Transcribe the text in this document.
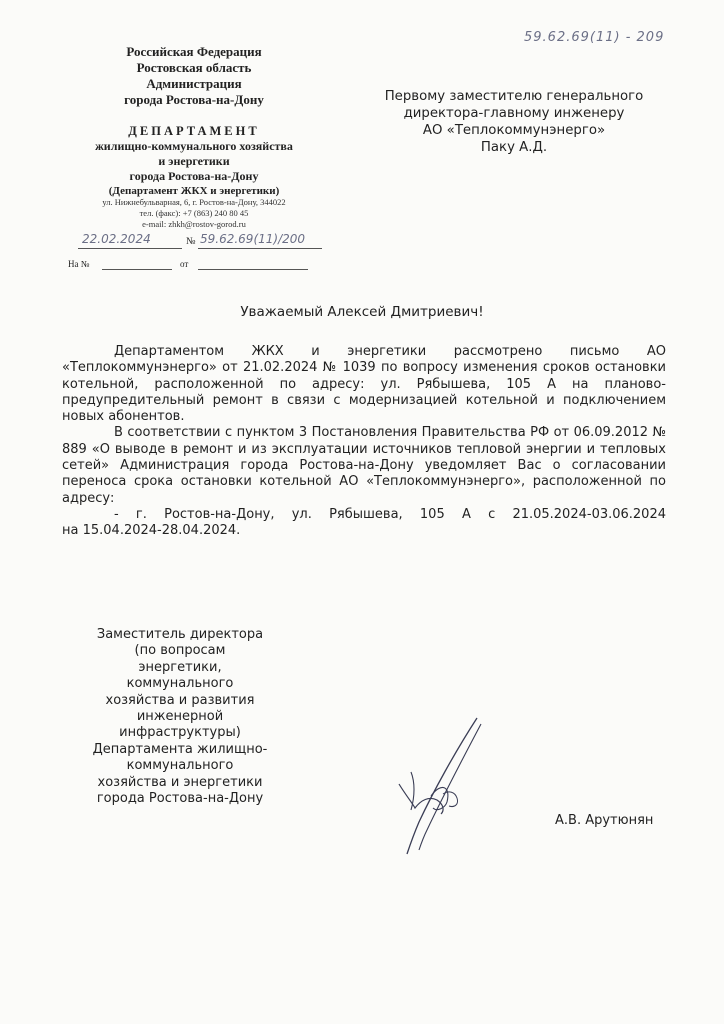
59.62.69(11) - 209
Российская Федерация
Ростовская область
Администрация
города Ростова-на-Дону
ДЕПАРТАМЕНТ
жилищно-коммунального хозяйства
и энергетики
города Ростова-на-Дону
(Департамент ЖКХ и энергетики)
ул. Нижнебульварная, 6, г. Ростов-на-Дону, 344022
тел. (факс): +7 (863) 240 80 45
e-mail: zhkh@rostov-gorod.ru
22.02.2024	№ 59.62.69(11)/200
На №	от
Первому заместителю генерального
директора-главному инженеру
АО «Теплокоммунэнерго»
Паку А.Д.
Уважаемый Алексей Дмитриевич!

Департаментом ЖКХ и энергетики рассмотрено письмо АО «Теплокоммунэнерго» от 21.02.2024 № 1039 по вопросу изменения сроков остановки котельной, расположенной по адресу: ул. Рябышева, 105 А на планово-предупредительный ремонт в связи с модернизацией котельной и подключением новых абонентов.

В соответствии с пунктом 3 Постановления Правительства РФ от 06.09.2012 № 889 «О выводе в ремонт и из эксплуатации источников тепловой энергии и тепловых сетей» Администрация города Ростова-на-Дону уведомляет Вас о согласовании переноса срока остановки котельной АО «Теплокоммунэнерго», расположенной по адресу:

- г. Ростов-на-Дону, ул. Рябышева, 105 А с 21.05.2024-03.06.2024

на 15.04.2024-28.04.2024.

Заместитель директора
(по вопросам
энергетики,
коммунального
хозяйства и развития
инженерной
инфраструктуры)
Департамента жилищно-
коммунального
хозяйства и энергетики
города Ростова-на-Дону
А.В. Арутюнян
